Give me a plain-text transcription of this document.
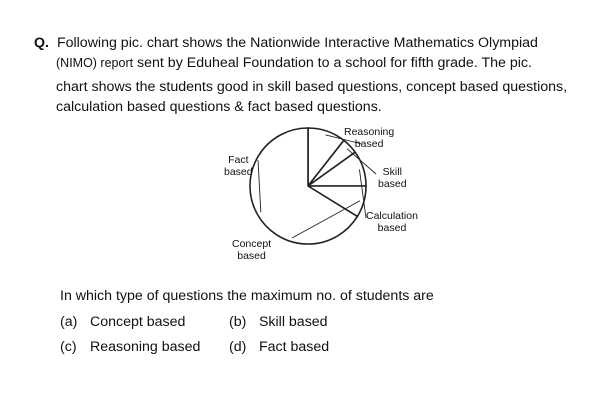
Q. Following pic. chart shows the Nationwide Interactive Mathematics Olympiad
(NIMO) report sent by Eduheal Foundation to a school for fifth grade. The pic.
chart shows the students good in skill based questions, concept based questions,
calculation based questions & fact based questions.
Reasoning
based
Skill
based
Calculation
based
Concept
based
Fact
based
In which type of questions the maximum no. of students are
(a) Concept based	(b) Skill based
(c) Reasoning based (d) Fact based
